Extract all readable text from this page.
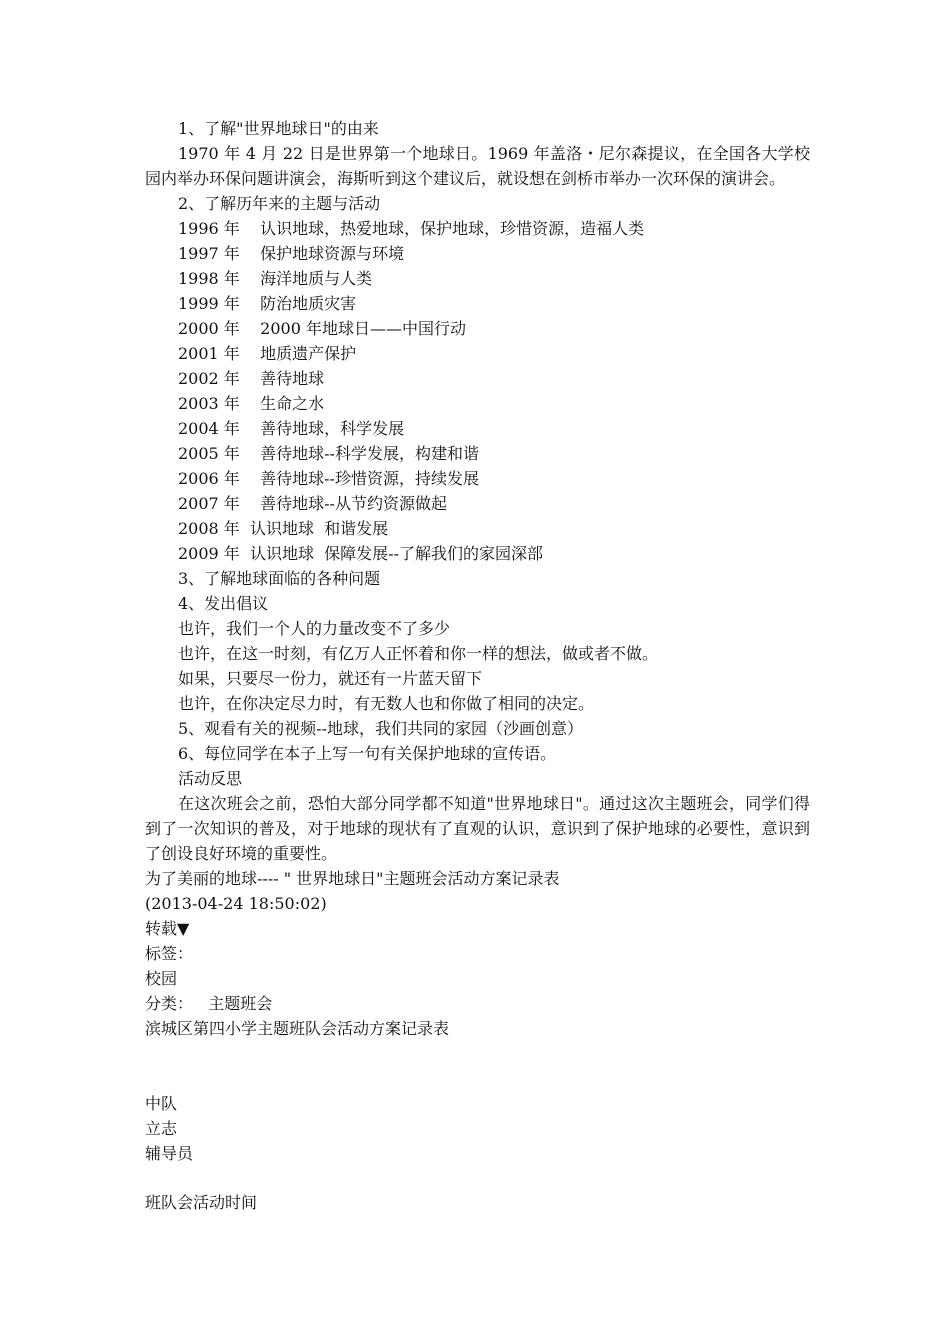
1、了解"世界地球日"的由来

1970 年 4 月 22 日是世界第一个地球日。1969 年盖洛・尼尔森提议，在全国各大学校园内举办环保问题讲演会，海斯听到这个建议后，就设想在剑桥市举办一次环保的演讲会。

2、了解历年来的主题与活动

1996 年    认识地球，热爱地球，保护地球，珍惜资源，造福人类

1997 年    保护地球资源与环境

1998 年    海洋地质与人类

1999 年    防治地质灾害

2000 年    2000 年地球日——中国行动

2001 年    地质遗产保护

2002 年    善待地球

2003 年    生命之水

2004 年    善待地球，科学发展

2005 年    善待地球--科学发展，构建和谐

2006 年    善待地球--珍惜资源，持续发展

2007 年    善待地球--从节约资源做起

2008 年  认识地球  和谐发展

2009 年  认识地球  保障发展--了解我们的家园深部

3、了解地球面临的各种问题

4、发出倡议

也许，我们一个人的力量改变不了多少

也许，在这一时刻，有亿万人正怀着和你一样的想法，做或者不做。

如果，只要尽一份力，就还有一片蓝天留下

也许，在你决定尽力时，有无数人也和你做了相同的决定。

5、观看有关的视频--地球，我们共同的家园（沙画创意）

6、每位同学在本子上写一句有关保护地球的宣传语。

活动反思

在这次班会之前，恐怕大部分同学都不知道"世界地球日"。通过这次主题班会，同学们得到了一次知识的普及，对于地球的现状有了直观的认识，意识到了保护地球的必要性，意识到了创设良好环境的重要性。

为了美丽的地球---- " 世界地球日"主题班会活动方案记录表

(2013-04-24 18:50:02)

转载▼

标签：

校园

分类：   主题班会

滨城区第四小学主题班队会活动方案记录表

中队

立志

辅导员

班队会活动时间
